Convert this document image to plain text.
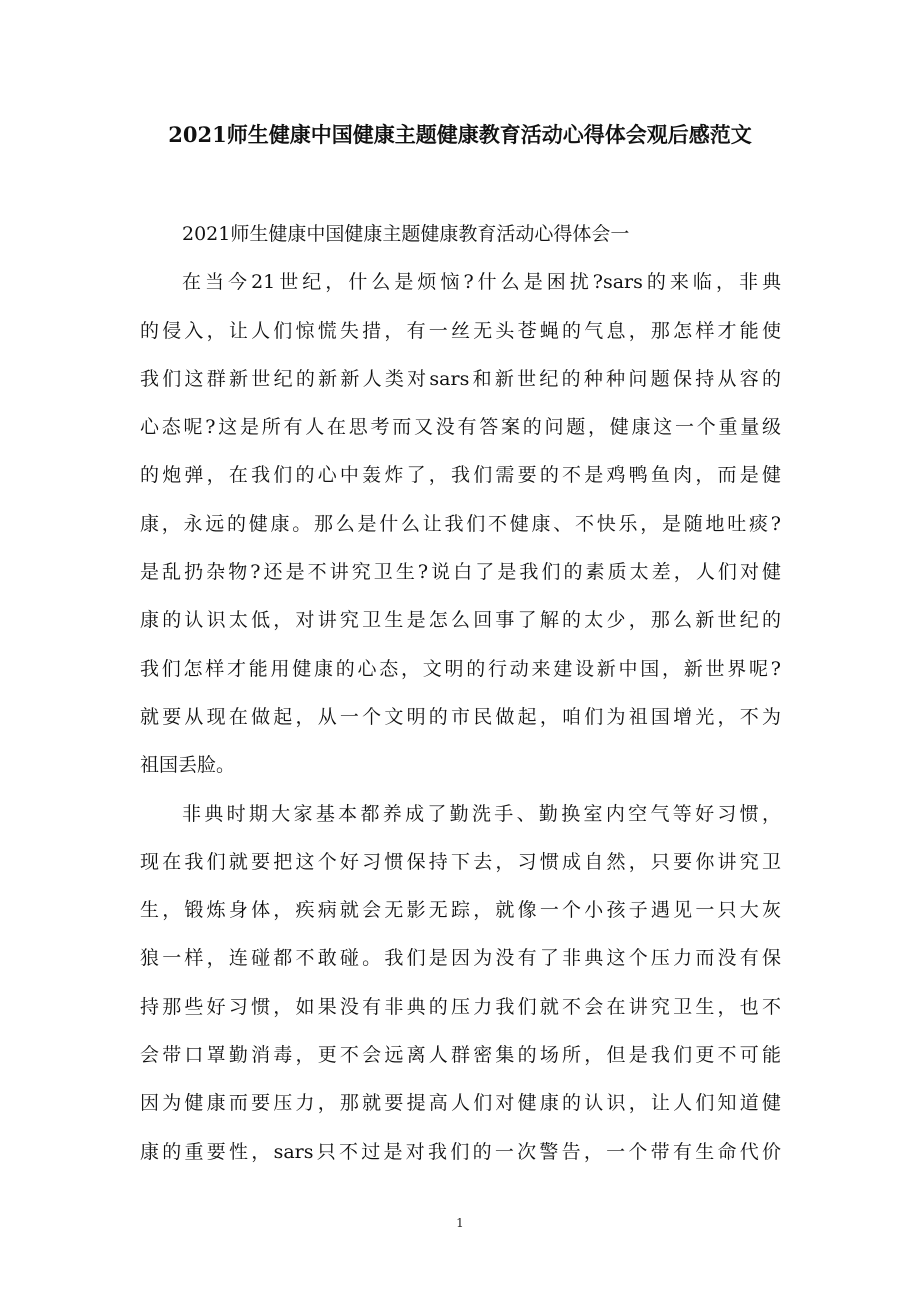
2021师生健康中国健康主题健康教育活动心得体会观后感范文
2021师生健康中国健康主题健康教育活动心得体会一
在当今21世纪，什么是烦恼?什么是困扰?sars的来临，非典
的侵入，让人们惊慌失措，有一丝无头苍蝇的气息，那怎样才能使
我们这群新世纪的新新人类对sars和新世纪的种种问题保持从容的
心态呢?这是所有人在思考而又没有答案的问题，健康这一个重量级
的炮弹，在我们的心中轰炸了，我们需要的不是鸡鸭鱼肉，而是健
康，永远的健康。那么是什么让我们不健康、不快乐，是随地吐痰?
是乱扔杂物?还是不讲究卫生?说白了是我们的素质太差，人们对健
康的认识太低，对讲究卫生是怎么回事了解的太少，那么新世纪的
我们怎样才能用健康的心态，文明的行动来建设新中国，新世界呢?
就要从现在做起，从一个文明的市民做起，咱们为祖国增光，不为
祖国丢脸。
非典时期大家基本都养成了勤洗手、勤换室内空气等好习惯，
现在我们就要把这个好习惯保持下去，习惯成自然，只要你讲究卫
生，锻炼身体，疾病就会无影无踪，就像一个小孩子遇见一只大灰
狼一样，连碰都不敢碰。我们是因为没有了非典这个压力而没有保
持那些好习惯，如果没有非典的压力我们就不会在讲究卫生，也不
会带口罩勤消毒，更不会远离人群密集的场所，但是我们更不可能
因为健康而要压力，那就要提高人们对健康的认识，让人们知道健
康的重要性，sars只不过是对我们的一次警告，一个带有生命代价
1
